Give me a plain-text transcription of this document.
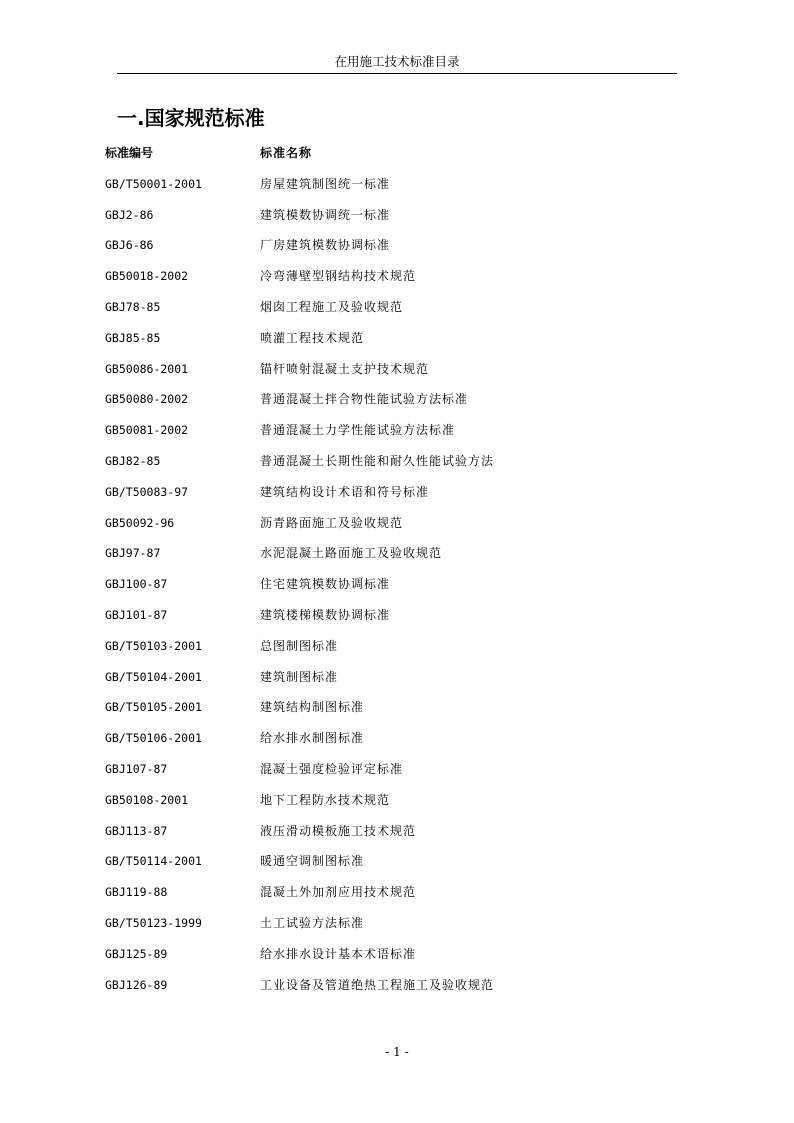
在用施工技术标准目录
一.国家规范标准
标准编号	标准名称
GB/T50001-2001	房屋建筑制图统一标准
GBJ2-86	建筑模数协调统一标准
GBJ6-86	厂房建筑模数协调标准
GB50018-2002	冷弯薄壁型钢结构技术规范
GBJ78-85	烟囱工程施工及验收规范
GBJ85-85	喷灌工程技术规范
GB50086-2001	锚杆喷射混凝土支护技术规范
GB50080-2002	普通混凝土拌合物性能试验方法标准
GB50081-2002	普通混凝土力学性能试验方法标准
GBJ82-85	普通混凝土长期性能和耐久性能试验方法
GB/T50083-97	建筑结构设计术语和符号标准
GB50092-96	沥青路面施工及验收规范
GBJ97-87	水泥混凝土路面施工及验收规范
GBJ100-87	住宅建筑模数协调标准
GBJ101-87	建筑楼梯模数协调标准
GB/T50103-2001	总图制图标准
GB/T50104-2001	建筑制图标准
GB/T50105-2001	建筑结构制图标准
GB/T50106-2001	给水排水制图标准
GBJ107-87	混凝土强度检验评定标准
GB50108-2001	地下工程防水技术规范
GBJ113-87	液压滑动模板施工技术规范
GB/T50114-2001	暖通空调制图标准
GBJ119-88	混凝土外加剂应用技术规范
GB/T50123-1999	土工试验方法标准
GBJ125-89	给水排水设计基本术语标准
GBJ126-89	工业设备及管道绝热工程施工及验收规范
- 1 -
